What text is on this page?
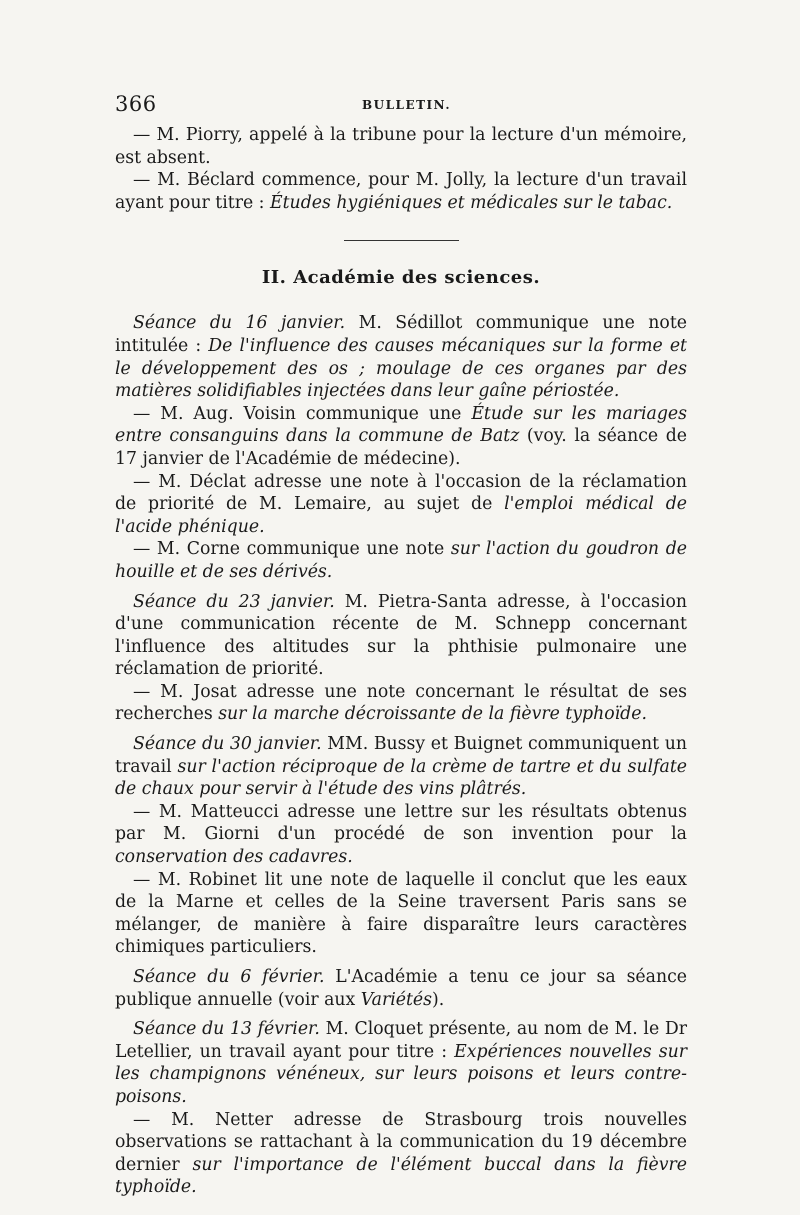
366	BULLETIN.

— M. Piorry, appelé à la tribune pour la lecture d'un mémoire, est absent.

— M. Béclard commence, pour M. Jolly, la lecture d'un travail ayant pour titre : Études hygiéniques et médicales sur le tabac.

II. Académie des sciences.

Séance du 16 janvier. M. Sédillot communique une note intitulée : De l'influence des causes mécaniques sur la forme et le développement des os ; moulage de ces organes par des matières solidifiables injectées dans leur gaîne périostée.

— M. Aug. Voisin communique une Étude sur les mariages entre consanguins dans la commune de Batz (voy. la séance de 17 janvier de l'Académie de médecine).

— M. Déclat adresse une note à l'occasion de la réclamation de priorité de M. Lemaire, au sujet de l'emploi médical de l'acide phénique.

— M. Corne communique une note sur l'action du goudron de houille et de ses dérivés.

Séance du 23 janvier. M. Pietra-Santa adresse, à l'occasion d'une communication récente de M. Schnepp concernant l'influence des altitudes sur la phthisie pulmonaire une réclamation de priorité.

— M. Josat adresse une note concernant le résultat de ses recherches sur la marche décroissante de la fièvre typhoïde.

Séance du 30 janvier. MM. Bussy et Buignet communiquent un travail sur l'action réciproque de la crème de tartre et du sulfate de chaux pour servir à l'étude des vins plâtrés.

— M. Matteucci adresse une lettre sur les résultats obtenus par M. Giorni d'un procédé de son invention pour la conservation des cadavres.

— M. Robinet lit une note de laquelle il conclut que les eaux de la Marne et celles de la Seine traversent Paris sans se mélanger, de manière à faire disparaître leurs caractères chimiques particuliers.

Séance du 6 février. L'Académie a tenu ce jour sa séance publique annuelle (voir aux Variétés).

Séance du 13 février. M. Cloquet présente, au nom de M. le Dr Letellier, un travail ayant pour titre : Expériences nouvelles sur les champignons vénéneux, sur leurs poisons et leurs contre-poisons.

— M. Netter adresse de Strasbourg trois nouvelles observations se rattachant à la communication du 19 décembre dernier sur l'importance de l'élément buccal dans la fièvre typhoïde.
